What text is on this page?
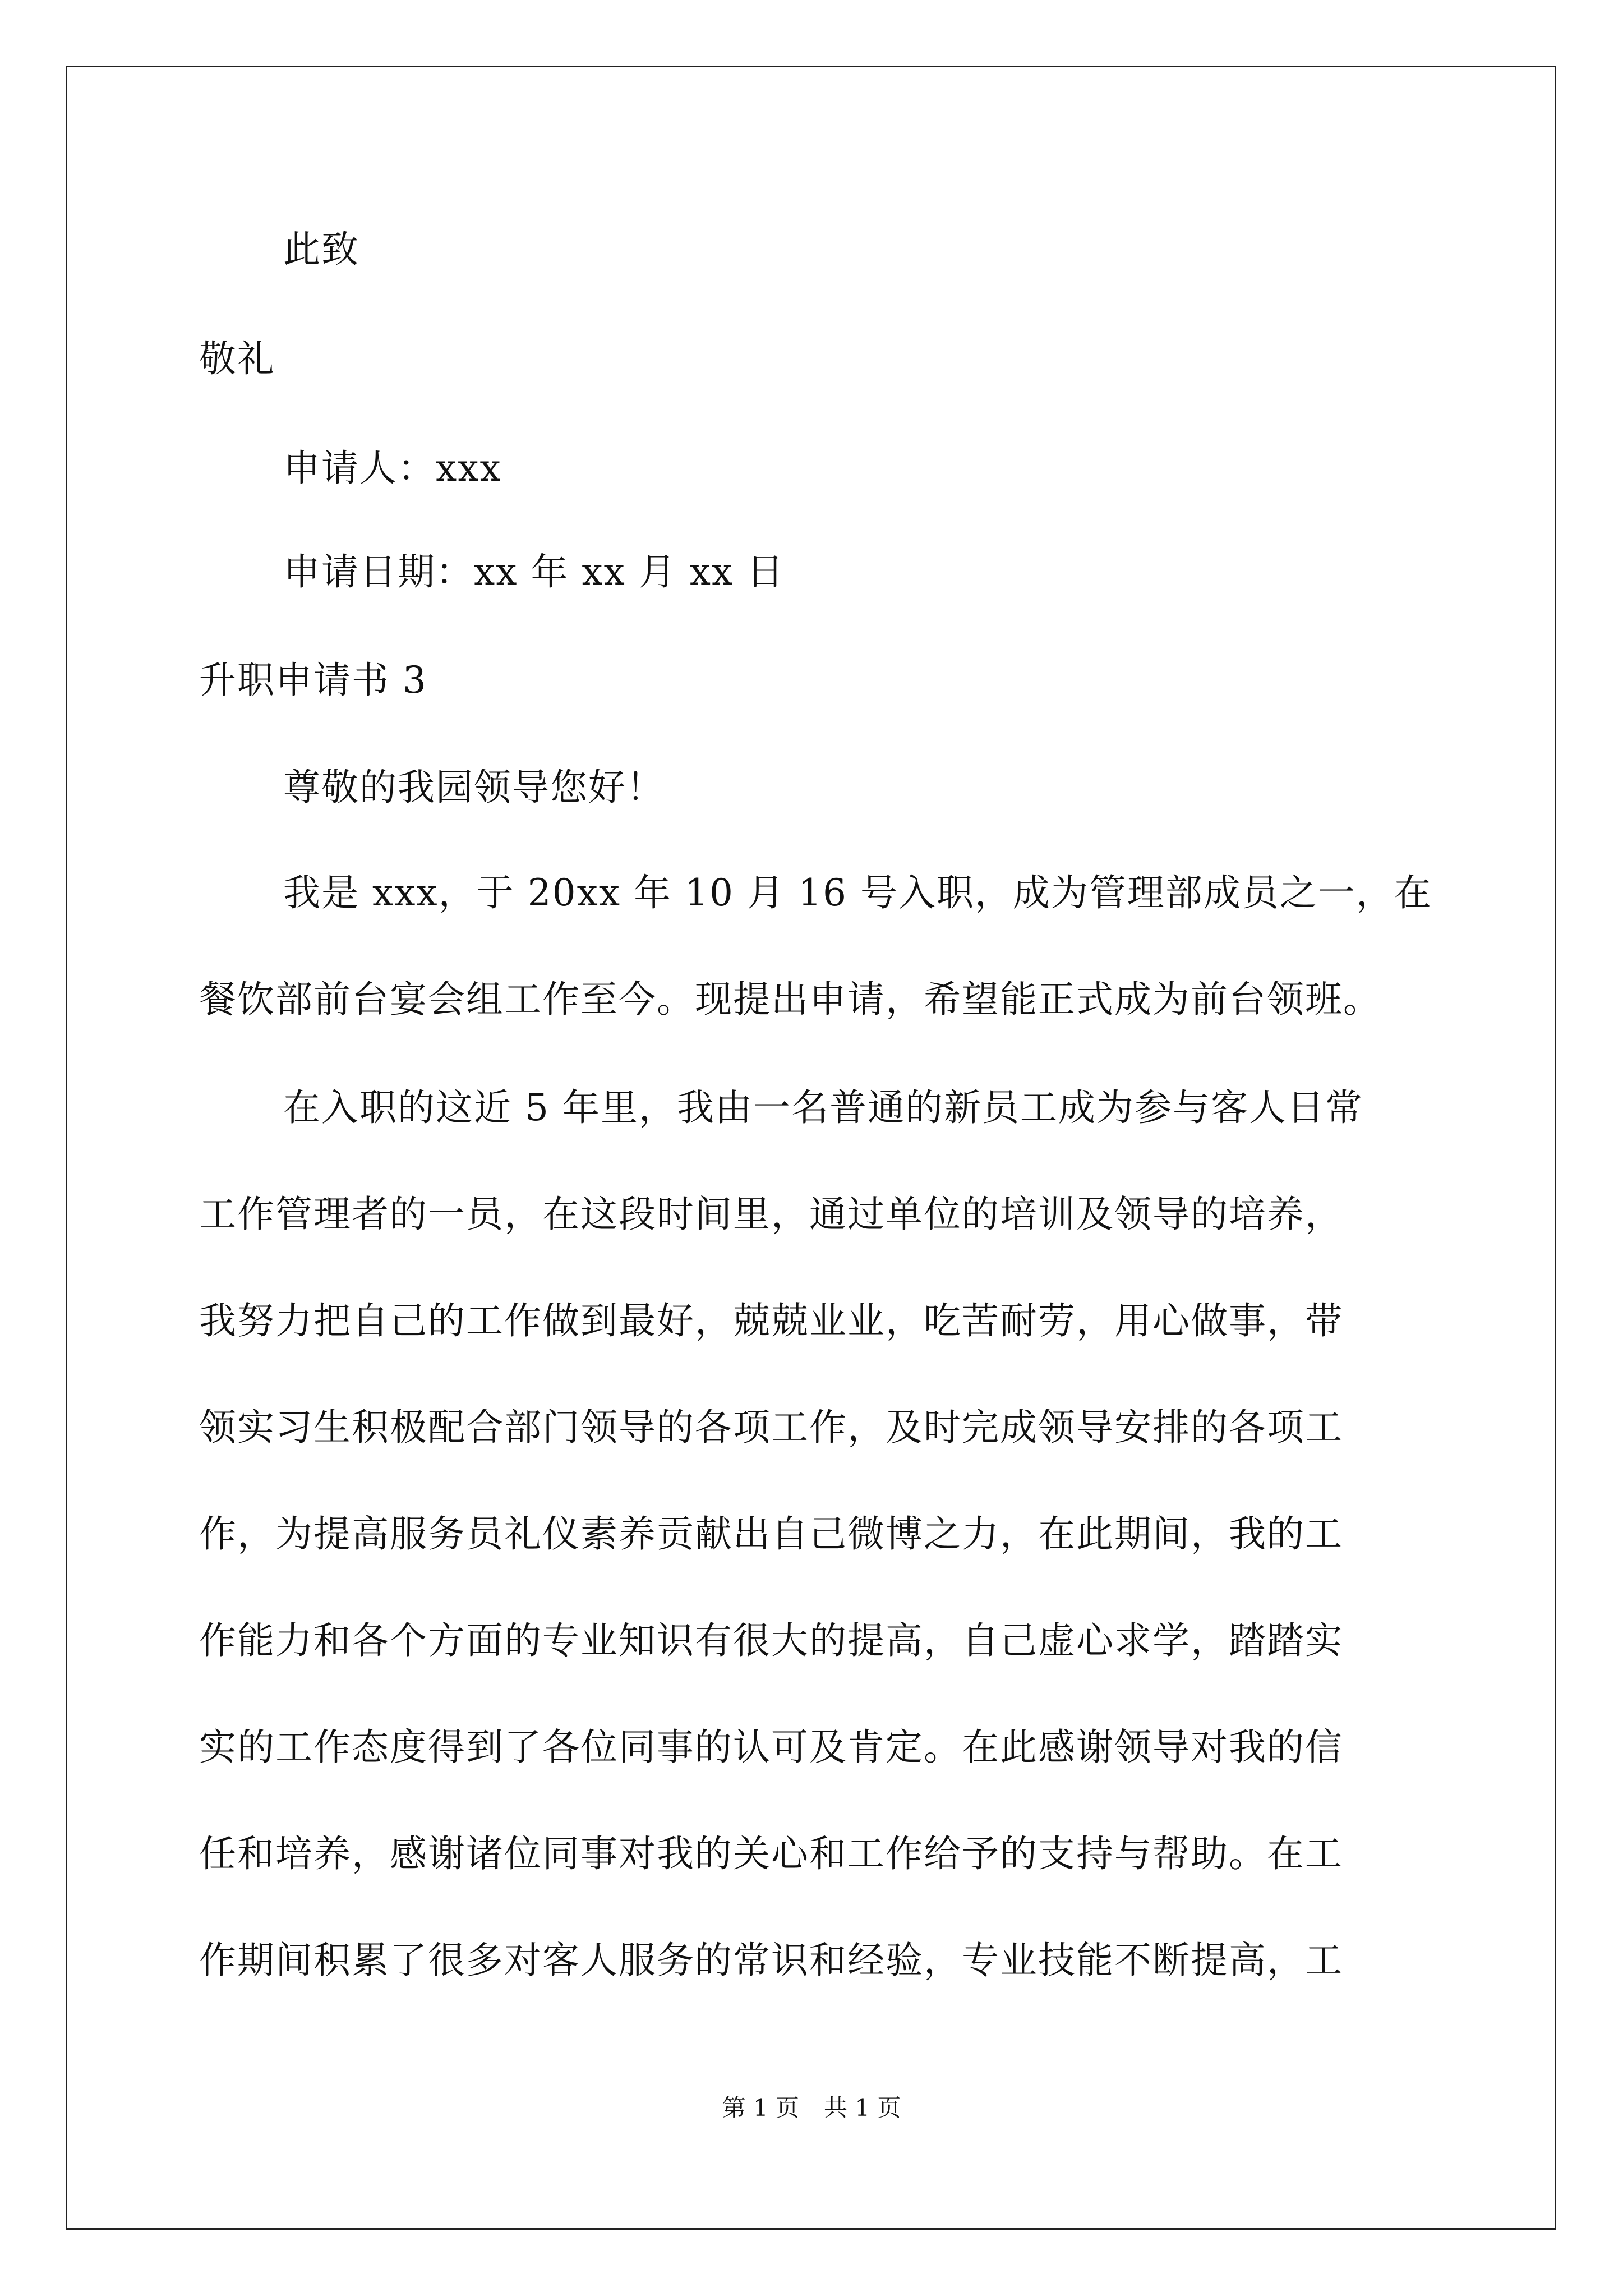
此致
敬礼
申请人：xxx
申请日期：xx 年 xx 月 xx 日
升职申请书 3
尊敬的我园领导您好！
我是 xxx，于 20xx 年 10 月 16 号入职，成为管理部成员之一，在
餐饮部前台宴会组工作至今。现提出申请，希望能正式成为前台领班。
在入职的这近 5 年里，我由一名普通的新员工成为参与客人日常
工作管理者的一员，在这段时间里，通过单位的培训及领导的培养，
我努力把自己的工作做到最好，兢兢业业，吃苦耐劳，用心做事，带
领实习生积极配合部门领导的各项工作，及时完成领导安排的各项工
作，为提高服务员礼仪素养贡献出自己微博之力，在此期间，我的工
作能力和各个方面的专业知识有很大的提高，自己虚心求学，踏踏实
实的工作态度得到了各位同事的认可及肯定。在此感谢领导对我的信
任和培养，感谢诸位同事对我的关心和工作给予的支持与帮助。在工
作期间积累了很多对客人服务的常识和经验，专业技能不断提高，工
第 1 页 共 1 页
